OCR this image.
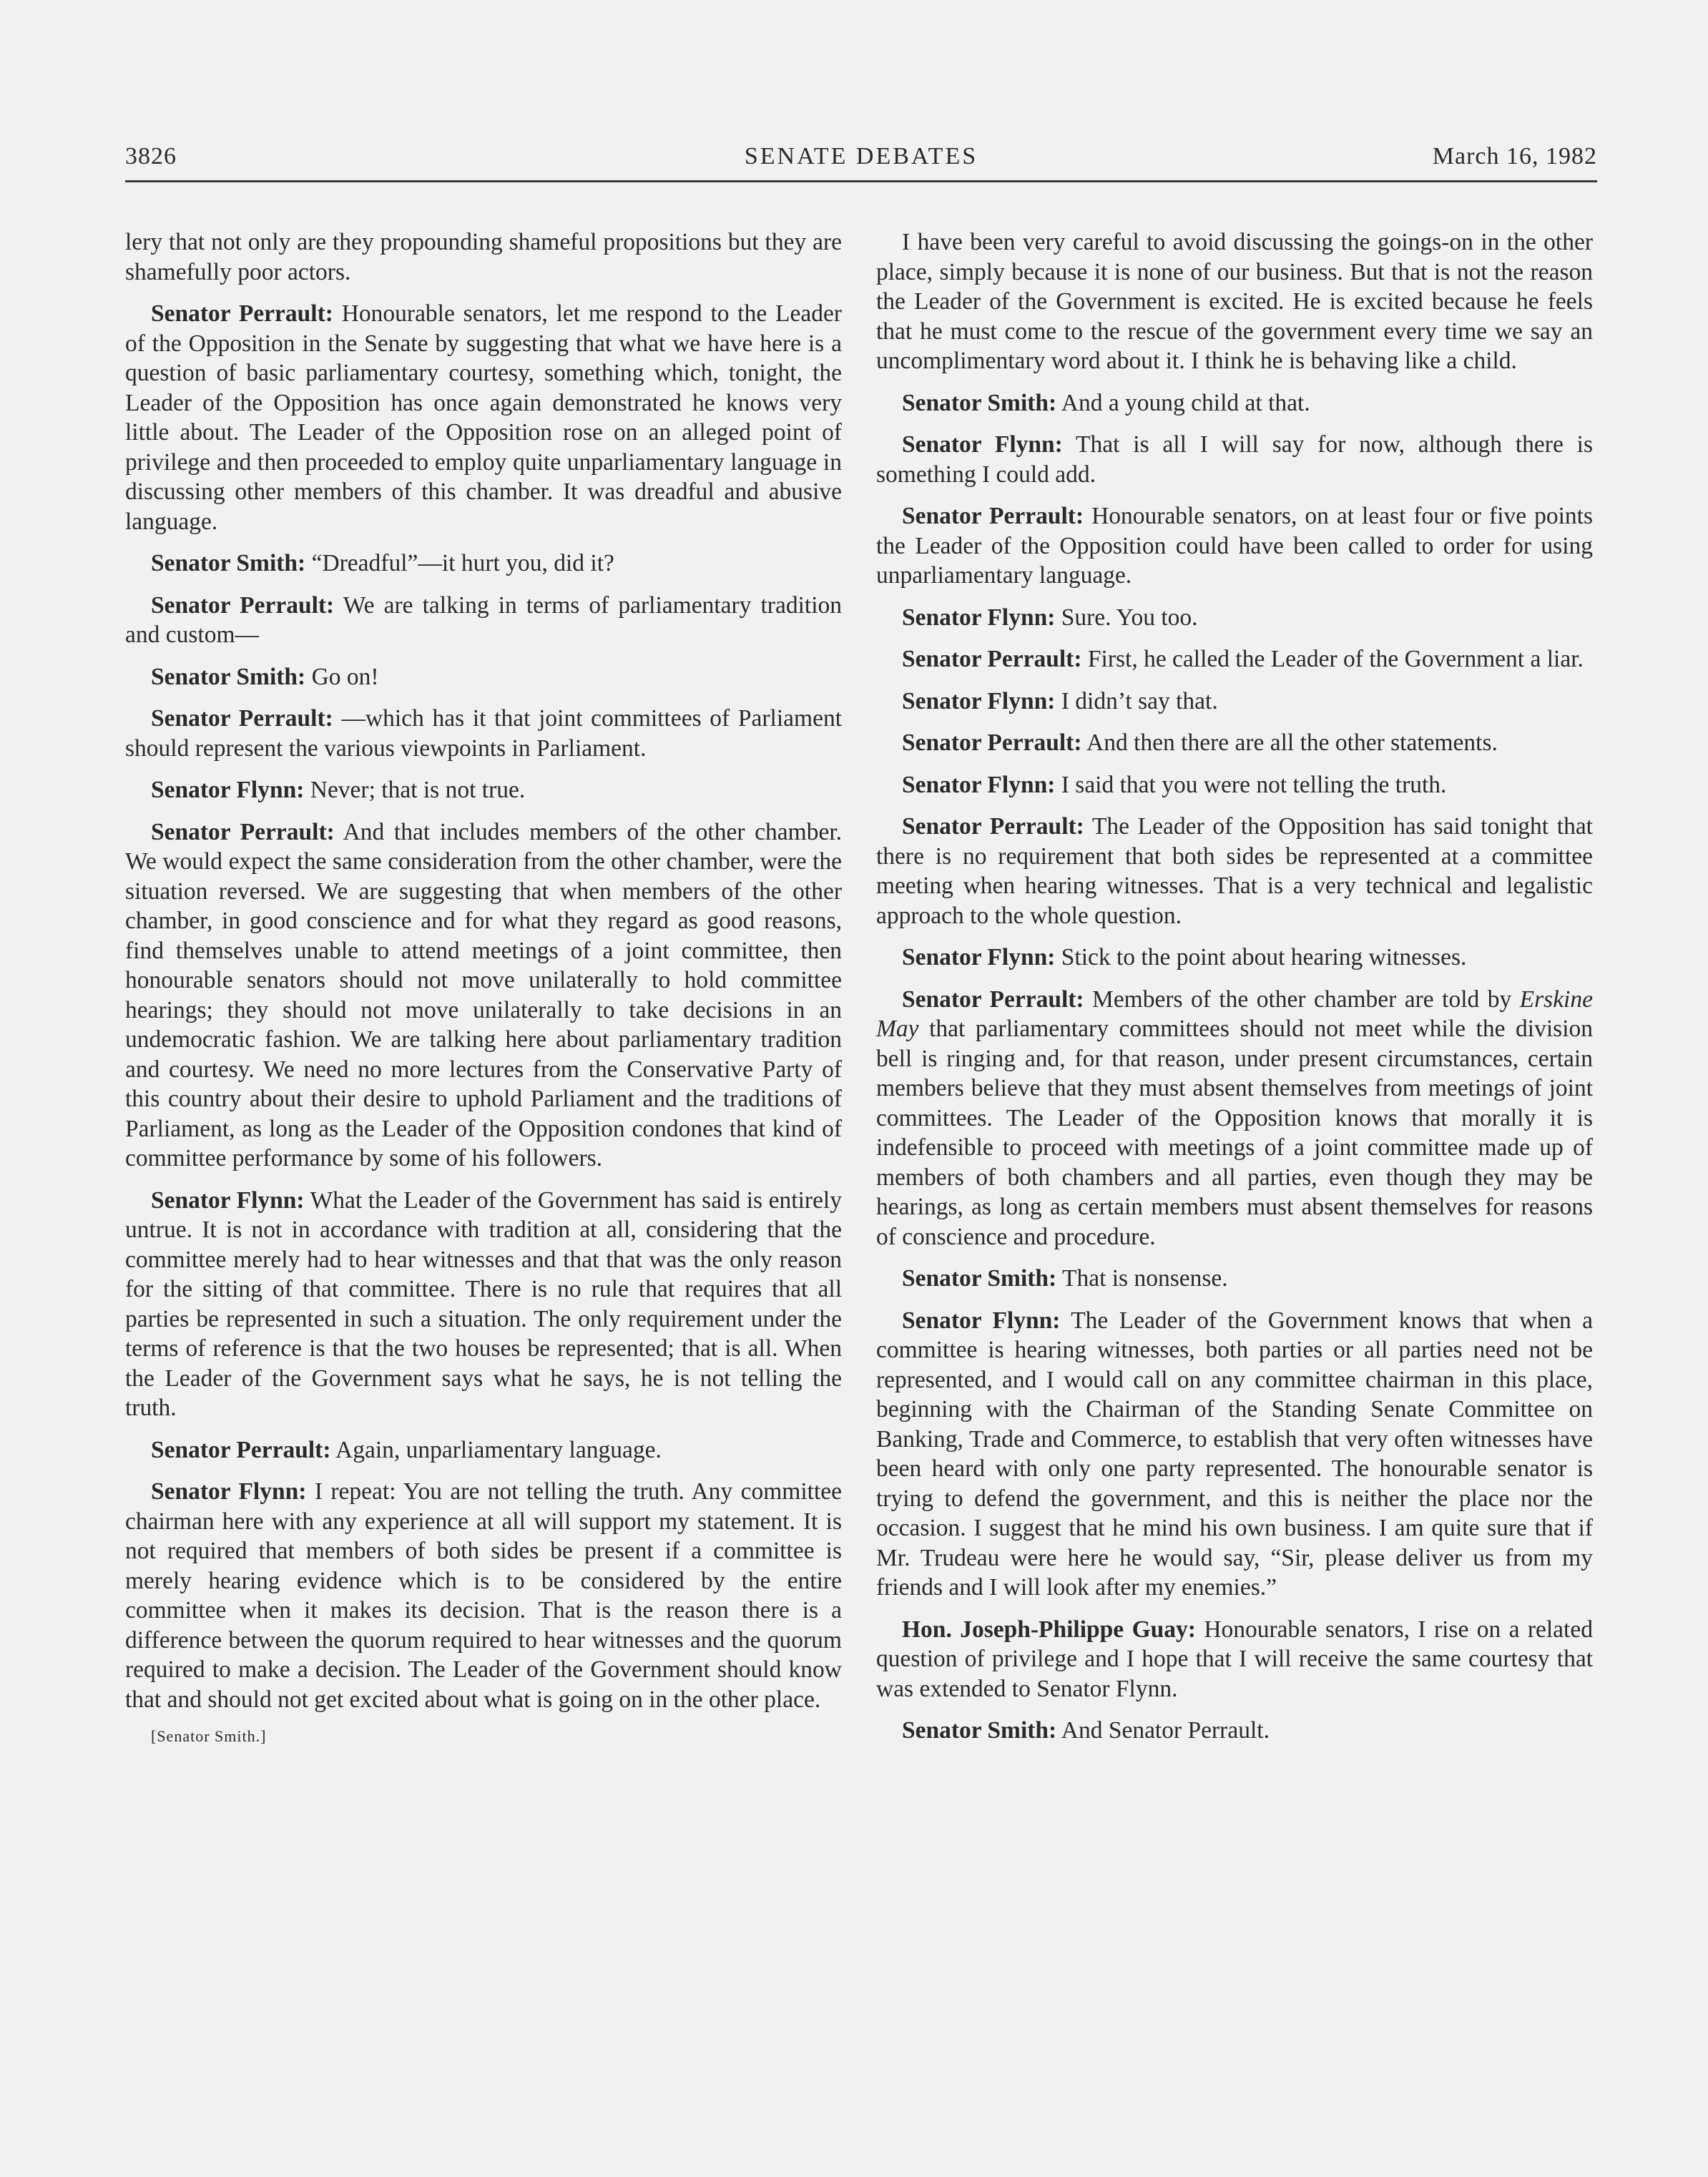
3826	SENATE DEBATES	March 16, 1982

lery that not only are they propounding shameful propositions but they are shamefully poor actors.

Senator Perrault: Honourable senators, let me respond to the Leader of the Opposition in the Senate by suggesting that what we have here is a question of basic parliamentary courtesy, something which, tonight, the Leader of the Opposition has once again demonstrated he knows very little about. The Leader of the Opposition rose on an alleged point of privilege and then proceeded to employ quite unparliamentary language in discussing other members of this chamber. It was dreadful and abusive language.

Senator Smith: “Dreadful”—it hurt you, did it?

Senator Perrault: We are talking in terms of parliamentary tradition and custom—

Senator Smith: Go on!

Senator Perrault: —which has it that joint committees of Parliament should represent the various viewpoints in Parliament.

Senator Flynn: Never; that is not true.

Senator Perrault: And that includes members of the other chamber. We would expect the same consideration from the other chamber, were the situation reversed. We are suggesting that when members of the other chamber, in good conscience and for what they regard as good reasons, find themselves unable to attend meetings of a joint committee, then honourable senators should not move unilaterally to hold committee hearings; they should not move unilaterally to take decisions in an undemocratic fashion. We are talking here about parliamentary tradition and courtesy. We need no more lectures from the Conservative Party of this country about their desire to uphold Parliament and the traditions of Parliament, as long as the Leader of the Opposition condones that kind of committee performance by some of his followers.

Senator Flynn: What the Leader of the Government has said is entirely untrue. It is not in accordance with tradition at all, considering that the committee merely had to hear witnesses and that that was the only reason for the sitting of that committee. There is no rule that requires that all parties be represented in such a situation. The only requirement under the terms of reference is that the two houses be represented; that is all. When the Leader of the Government says what he says, he is not telling the truth.

Senator Perrault: Again, unparliamentary language.

Senator Flynn: I repeat: You are not telling the truth. Any committee chairman here with any experience at all will support my statement. It is not required that members of both sides be present if a committee is merely hearing evidence which is to be considered by the entire committee when it makes its decision. That is the reason there is a difference between the quorum required to hear witnesses and the quorum required to make a decision. The Leader of the Government should know that and should not get excited about what is going on in the other place.

[Senator Smith.]

I have been very careful to avoid discussing the goings-on in the other place, simply because it is none of our business. But that is not the reason the Leader of the Government is excited. He is excited because he feels that he must come to the rescue of the government every time we say an uncomplimentary word about it. I think he is behaving like a child.

Senator Smith: And a young child at that.

Senator Flynn: That is all I will say for now, although there is something I could add.

Senator Perrault: Honourable senators, on at least four or five points the Leader of the Opposition could have been called to order for using unparliamentary language.

Senator Flynn: Sure. You too.

Senator Perrault: First, he called the Leader of the Government a liar.

Senator Flynn: I didn’t say that.

Senator Perrault: And then there are all the other statements.

Senator Flynn: I said that you were not telling the truth.

Senator Perrault: The Leader of the Opposition has said tonight that there is no requirement that both sides be represented at a committee meeting when hearing witnesses. That is a very technical and legalistic approach to the whole question.

Senator Flynn: Stick to the point about hearing witnesses.

Senator Perrault: Members of the other chamber are told by Erskine May that parliamentary committees should not meet while the division bell is ringing and, for that reason, under present circumstances, certain members believe that they must absent themselves from meetings of joint committees. The Leader of the Opposition knows that morally it is indefensible to proceed with meetings of a joint committee made up of members of both chambers and all parties, even though they may be hearings, as long as certain members must absent themselves for reasons of conscience and procedure.

Senator Smith: That is nonsense.

Senator Flynn: The Leader of the Government knows that when a committee is hearing witnesses, both parties or all parties need not be represented, and I would call on any committee chairman in this place, beginning with the Chairman of the Standing Senate Committee on Banking, Trade and Commerce, to establish that very often witnesses have been heard with only one party represented. The honourable senator is trying to defend the government, and this is neither the place nor the occasion. I suggest that he mind his own business. I am quite sure that if Mr. Trudeau were here he would say, “Sir, please deliver us from my friends and I will look after my enemies.”

Hon. Joseph-Philippe Guay: Honourable senators, I rise on a related question of privilege and I hope that I will receive the same courtesy that was extended to Senator Flynn.

Senator Smith: And Senator Perrault.
